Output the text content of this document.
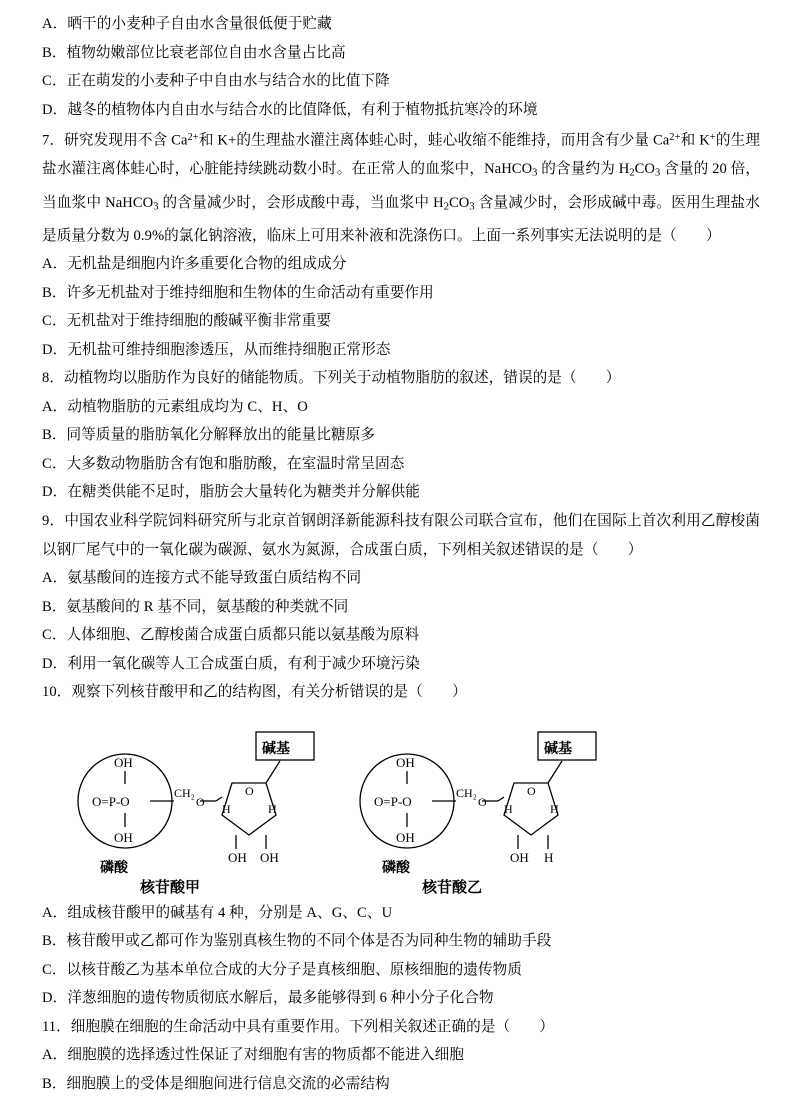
A．晒干的小麦种子自由水含量很低便于贮藏
B．植物幼嫩部位比衰老部位自由水含量占比高
C．正在萌发的小麦种子中自由水与结合水的比值下降
D．越冬的植物体内自由水与结合水的比值降低，有利于植物抵抗寒冷的环境
7．研究发现用不含 $Ca^{2+}$和 K+的生理盐水灌注离体蛙心时，蛙心收缩不能维持，而用含有少量 $Ca^{2+}$和 K+的生理盐水灌注离体蛙心时，心脏能持续跳动数小时。在正常人的血浆中，NaHCO$_3$ 的含量约为 $H_2CO_3$ 含量的 20 倍，当血浆中 NaHCO$_3$ 的含量减少时，会形成酸中毒，当血浆中 $H_2CO_3$ 含量减少时，会形成碱中毒。医用生理盐水是质量分数为 0.9%的氯化钠溶液，临床上可用来补液和洗涤伤口。上面一系列事实无法说明的是（　　）
A．无机盐是细胞内许多重要化合物的组成成分
B．许多无机盐对于维持细胞和生物体的生命活动有重要作用
C．无机盐对于维持细胞的酸碱平衡非常重要
D．无机盐可维持细胞渗透压，从而维持细胞正常形态
8．动植物均以脂肪作为良好的储能物质。下列关于动植物脂肪的叙述，错误的是（　　）
A．动植物脂肪的元素组成均为 C、H、O
B．同等质量的脂肪氧化分解释放出的能量比糖原多
C．大多数动物脂肪含有饱和脂肪酸，在室温时常呈固态
D．在糖类供能不足时，脂肪会大量转化为糖类并分解供能
9．中国农业科学院饲料研究所与北京首钢朗泽新能源科技有限公司联合宣布，他们在国际上首次利用乙醇梭菌以钢厂尾气中的一氧化碳为碳源、氨水为氮源，合成蛋白质，下列相关叙述错误的是（　　）
A．氨基酸间的连接方式不能导致蛋白质结构不同
B．氨基酸间的 R 基不同，氨基酸的种类就不同
C．人体细胞、乙醇梭菌合成蛋白质都只能以氨基酸为原料
D．利用一氧化碳等人工合成蛋白质，有利于减少环境污染
10．观察下列核苷酸甲和乙的结构图，有关分析错误的是（　　）
OH
OH
O=P-O
CH₂
O
O
H	H
OH OH
碱基
磷酸
核苷酸甲
OH
OH
O=P-O
CH₂
O
O
H	H
OH H
碱基
磷酸
核苷酸乙
A．组成核苷酸甲的碱基有 4 种，分别是 A、G、C、U
B．核苷酸甲或乙都可作为鉴别真核生物的不同个体是否为同种生物的辅助手段
C．以核苷酸乙为基本单位合成的大分子是真核细胞、原核细胞的遗传物质
D．洋葱细胞的遗传物质彻底水解后，最多能够得到 6 种小分子化合物
11．细胞膜在细胞的生命活动中具有重要作用。下列相关叙述正确的是（　　）
A．细胞膜的选择透过性保证了对细胞有害的物质都不能进入细胞
B．细胞膜上的受体是细胞间进行信息交流的必需结构
